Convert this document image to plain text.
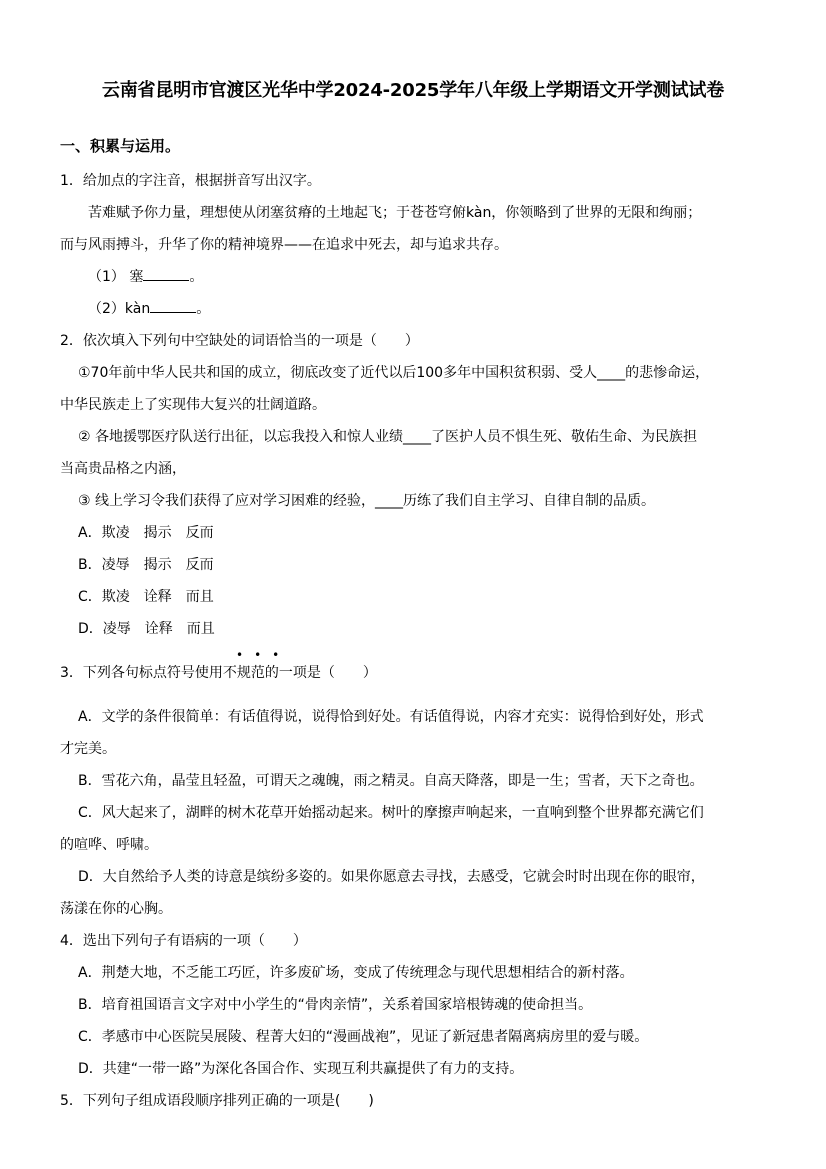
云南省昆明市官渡区光华中学2024-2025学年八年级上学期语文开学测试试卷
一、积累与运用。
1．给加点的字注音，根据拼音写出汉字。
苦难赋予你力量，理想使从闭塞贫瘠的土地起飞；于苍苍穹俯kàn，你领略到了世界的无限和绚丽；
而与风雨搏斗，升华了你的精神境界——在追求中死去，却与追求共存。
（1） 塞	。
（2）kàn	。
2．依次填入下列句中空缺处的词语恰当的一项是（　　）
①70年前中华人民共和国的成立，彻底改变了近代以后100多年中国积贫积弱、受人____的悲惨命运，
中华民族走上了实现伟大复兴的壮阔道路。
② 各地援鄂医疗队送行出征，以忘我投入和惊人业绩____了医护人员不惧生死、敬佑生命、为民族担
当高贵品格之内涵，
③ 线上学习令我们获得了应对学习困难的经验，____历练了我们自主学习、自律自制的品质。
A．欺凌　揭示　反而
B．凌辱　揭示　反而
C．欺凌　诠释　而且
D．凌辱　诠释　而且
•••
3．下列各句标点符号使用不规范的一项是（　　）
A．文学的条件很简单：有话值得说，说得恰到好处。有话值得说，内容才充实：说得恰到好处，形式
才完美。
B．雪花六角，晶莹且轻盈，可谓天之魂魄，雨之精灵。自高天降落，即是一生；雪者，天下之奇也。
C．风大起来了，湖畔的树木花草开始摇动起来。树叶的摩擦声响起来，一直响到整个世界都充满它们
的喧哗、呼啸。
D．大自然给予人类的诗意是缤纷多姿的。如果你愿意去寻找，去感受，它就会时时出现在你的眼帘，
荡漾在你的心胸。
4．选出下列句子有语病的一项（　　）
A．荆楚大地，不乏能工巧匠，许多废矿场，变成了传统理念与现代思想相结合的新村落。
B．培育祖国语言文字对中小学生的“骨肉亲情”，关系着国家培根铸魂的使命担当。
C．孝感市中心医院吴展陵、程菁大妇的“漫画战袍”，见证了新冠患者隔离病房里的爱与暖。
D．共建“一带一路”为深化各国合作、实现互利共赢提供了有力的支持。
5．下列句子组成语段顺序排列正确的一项是(　　)
